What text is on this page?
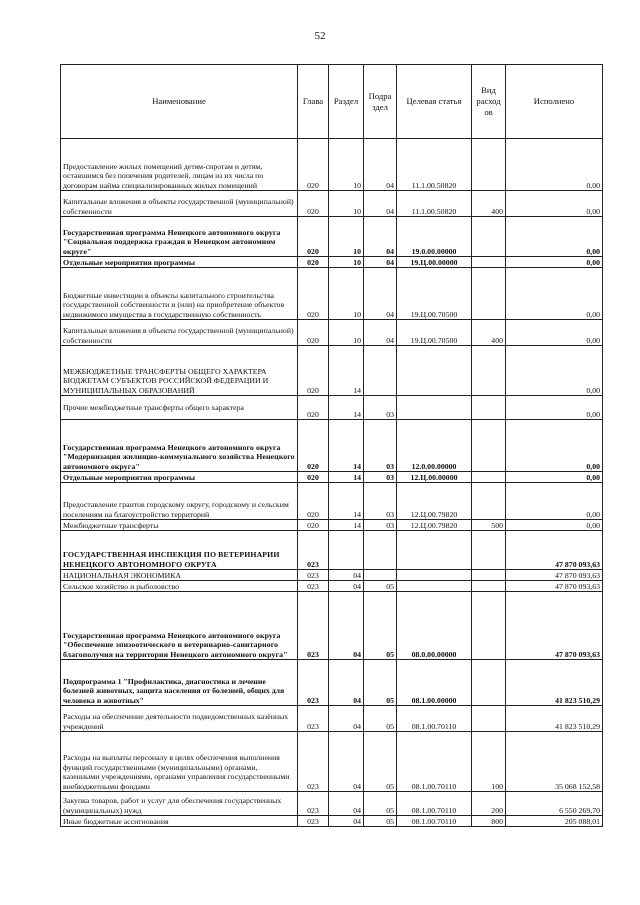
52
Наименование	Глава	Раздел	Подра здел	Целевая статья	Вид расход ов	Исполнено
Предоставление жилых помещений детям-сиротам и детям, оставшимся без попечения родителей, лицам из их числа по договорам найма специализированных жилых помещений	020	10	04	11.1.00.50820		0,00
Капитальные вложения в объекты государственной (муниципальной) собственности	020	10	04	11.1.00.50820	400	0,00
Государственная программа Ненецкого автономного округа "Социальная поддержка граждан в Ненецком автономном округе"	020	10	04	19.0.00.00000		0,00
Отдельные мероприятия программы	020	10	04	19.Ц.00.00000		0,00
Бюджетные инвестиции в объекты капитального строительства государственной собственности и (или) на приобретение объектов недвижимого имущества в государственную собственность	020	10	04	19.Ц.00.70500		0,00
Капитальные вложения в объекты государственной (муниципальной) собственности	020	10	04	19.Ц.00.70500	400	0,00
МЕЖБЮДЖЕТНЫЕ ТРАНСФЕРТЫ ОБЩЕГО ХАРАКТЕРА БЮДЖЕТАМ СУБЪЕКТОВ РОССИЙСКОЙ ФЕДЕРАЦИИ И МУНИЦИПАЛЬНЫХ ОБРАЗОВАНИЙ	020	14				0,00
Прочие межбюджетные трансферты общего характера	020	14	03			0,00
Государственная программа Ненецкого автономного округа "Модернизация жилищно-коммунального хозяйства Ненецкого автономного округа"	020	14	03	12.0.00.00000		0,00
Отдельные мероприятия программы	020	14	03	12.Ц.00.00000		0,00
Предоставление грантов городскому округу, городскому и сельским поселениям на благоустройство территорий	020	14	03	12.Ц.00.79820		0,00
Межбюджетные трансферты	020	14	03	12.Ц.00.79820	500	0,00
ГОСУДАРСТВЕННАЯ ИНСПЕКЦИЯ ПО ВЕТЕРИНАРИИ НЕНЕЦКОГО АВТОНОМНОГО ОКРУГА	023					47 870 093,63
НАЦИОНАЛЬНАЯ ЭКОНОМИКА	023	04				47 870 093,63
Сельское хозяйство и рыболовство	023	04	05			47 870 093,63
Государственная программа Ненецкого автономного округа "Обеспечение эпизоотического и ветеринарно-санитарного благополучия на территории Ненецкого автономного округа"	023	04	05	08.0.00.00000		47 870 093,63
Подпрограмма 1 "Профилактика, диагностика и лечение болезней животных, защита населения от болезней, общих для человека и животных"	023	04	05	08.1.00.00000		41 823 510,29
Расходы на обеспечение деятельности подведомственных казённых учреждений	023	04	05	08.1.00.70110		41 823 510,29
Расходы на выплаты персоналу в целях обеспечения выполнения функций государственными (муниципальными) органами, казенными учреждениями, органами управления государственными внебюджетными фондами	023	04	05	08.1.00.70110	100	35 068 152,58
Закупка товаров, работ и услуг для обеспечения государственных (муниципальных) нужд	023	04	05	08.1.00.70110	200	6 550 269,70
Иные бюджетные ассигнования	023	04	05	08.1.00.70110	800	205 088,01
